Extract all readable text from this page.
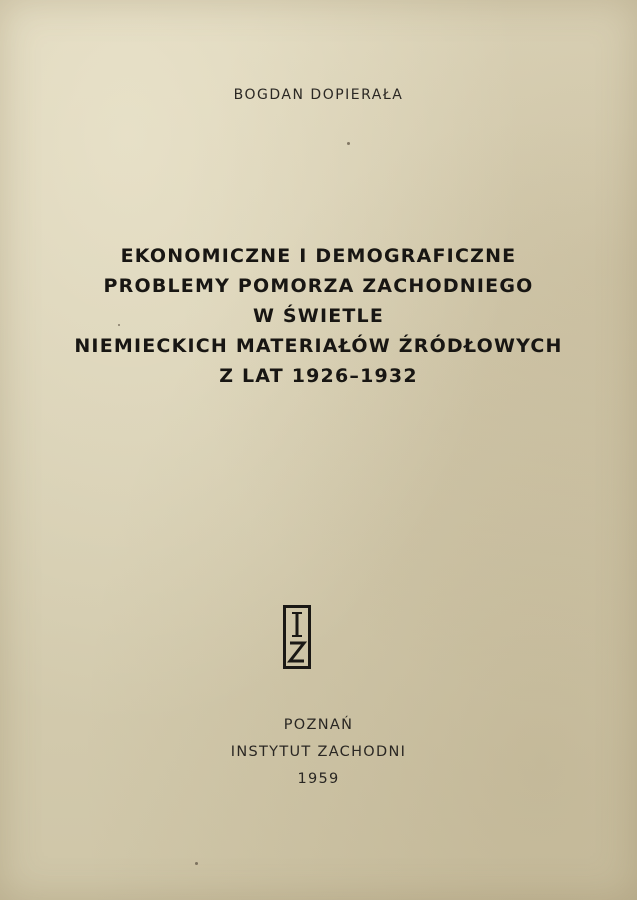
BOGDAN DOPIERAŁA
EKONOMICZNE I DEMOGRAFICZNE
PROBLEMY POMORZA ZACHODNIEGO
W ŚWIETLE
NIEMIECKICH MATERIAŁÓW ŹRÓDŁOWYCH
Z LAT 1926–1932
POZNAŃ
INSTYTUT ZACHODNI
1959
